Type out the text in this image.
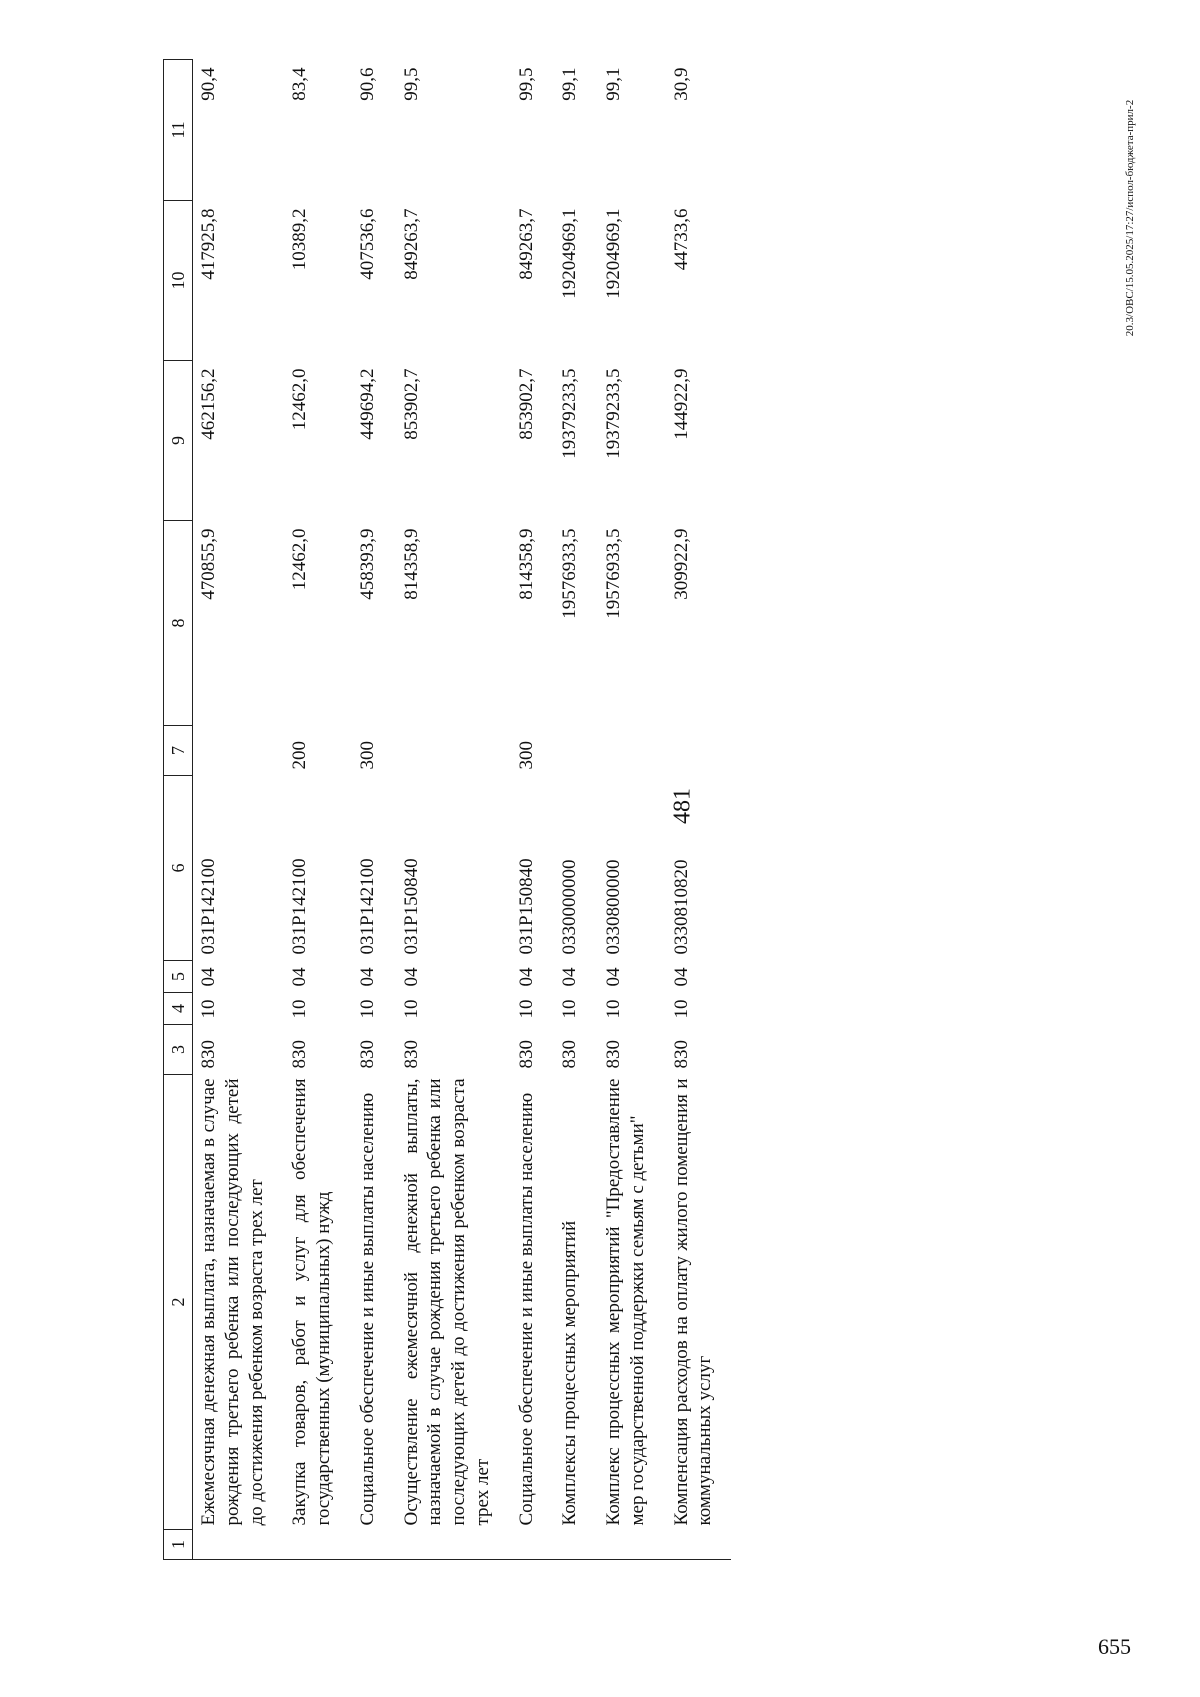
481
20.3/ОВС/15.05.2025/17:27/испол-бюджета-прил-2
655
1	2	3	4	5	6	7	8	9	10	11
	Ежемесячная денежная выплата, назначаемая в случае рождения третьего ребенка или последующих детей до достижения ребенком возраста трех лет	830	10	04	031P142100		470855,9	462156,2	417925,8	90,4
	Закупка товаров, работ и услуг для обеспечения государственных (муниципальных) нужд	830	10	04	031P142100	200	12462,0	12462,0	10389,2	83,4
	Социальное обеспечение и иные выплаты населению	830	10	04	031P142100	300	458393,9	449694,2	407536,6	90,6
	Осуществление ежемесячной денежной выплаты, назначаемой в случае рождения третьего ребенка или последующих детей до достижения ребенком возраста трех лет	830	10	04	031P150840		814358,9	853902,7	849263,7	99,5
	Социальное обеспечение и иные выплаты населению	830	10	04	031P150840	300	814358,9	853902,7	849263,7	99,5
	Комплексы процессных мероприятий	830	10	04	0330000000		19576933,5	19379233,5	19204969,1	99,1
	Комплекс процессных мероприятий "Предоставление мер государственной поддержки семьям с детьми"	830	10	04	0330800000		19576933,5	19379233,5	19204969,1	99,1
	Компенсация расходов на оплату жилого помещения и коммунальных услуг	830	10	04	0330810820		309922,9	144922,9	44733,6	30,9
